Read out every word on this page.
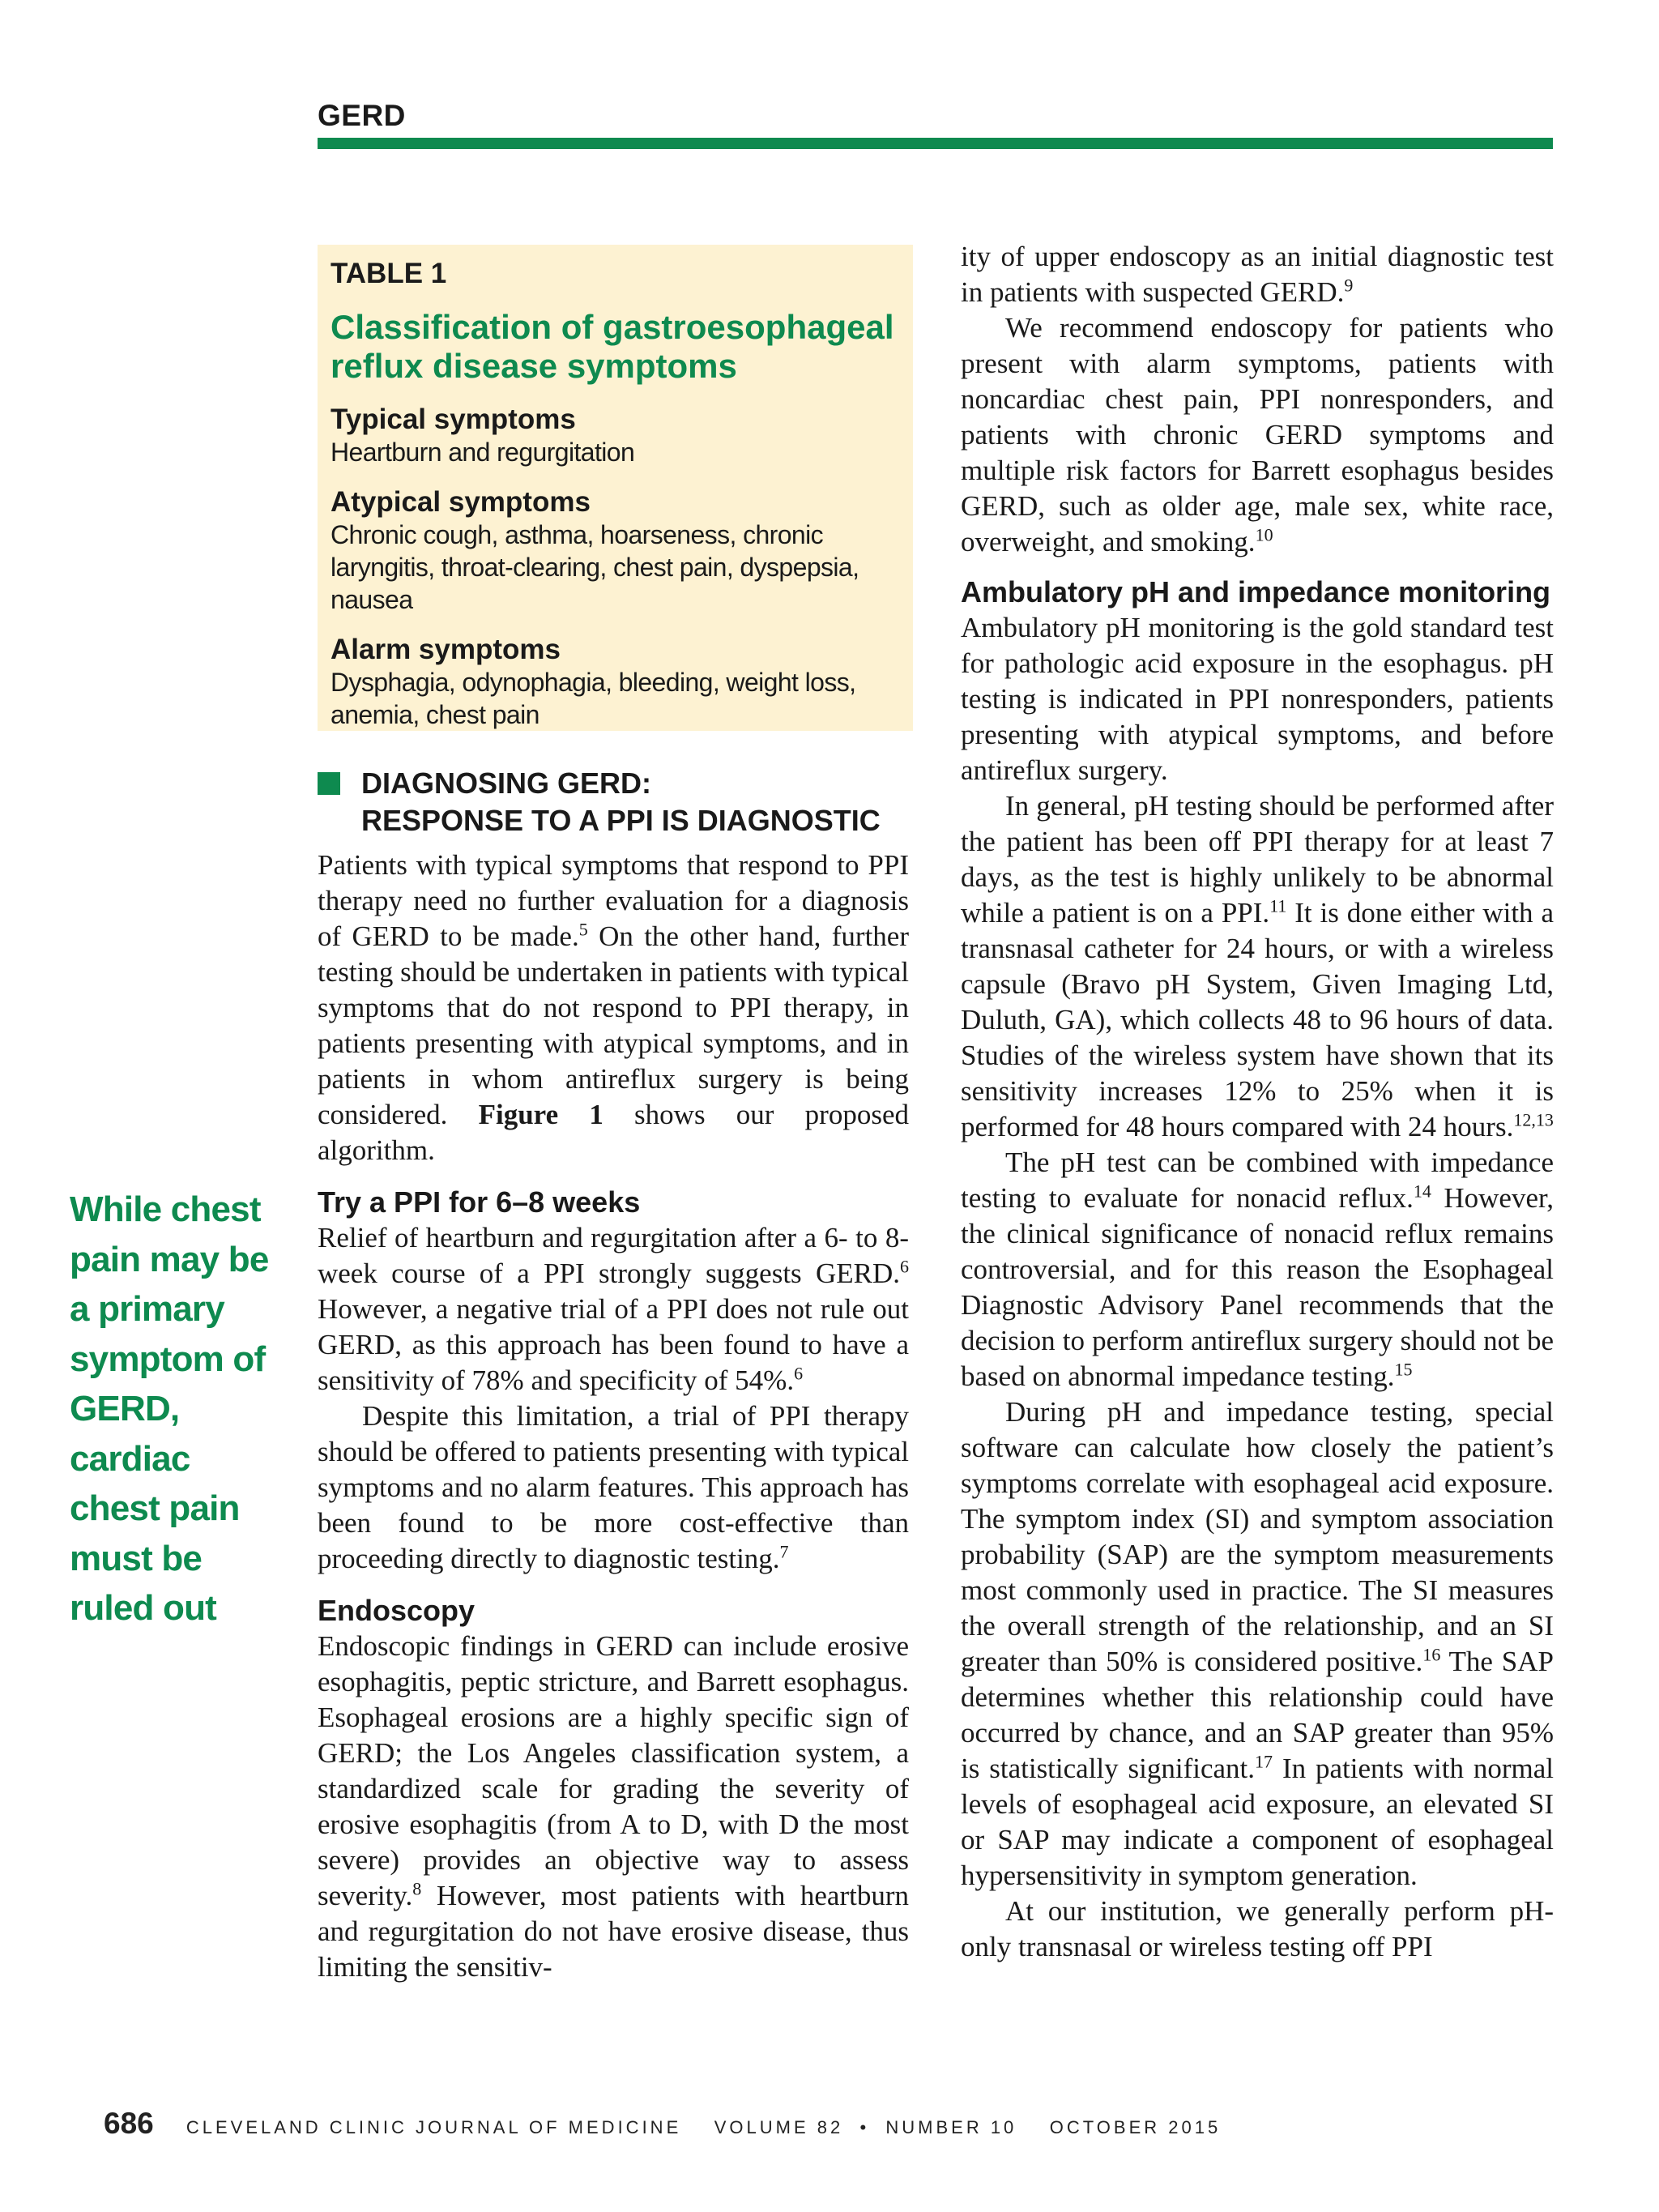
GERD
TABLE 1
Classification of gastroesophageal reflux disease symptoms
Typical symptoms
Heartburn and regurgitation
Atypical symptoms
Chronic cough, asthma, hoarseness, chronic laryngitis, throat-clearing, chest pain, dyspepsia, nausea
Alarm symptoms
Dysphagia, odynophagia, bleeding, weight loss, anemia, chest pain
While chest pain may be a primary symptom of GERD, cardiac chest pain must be ruled out
DIAGNOSING GERD:
RESPONSE TO A PPI IS DIAGNOSTIC

Patients with typical symptoms that respond to PPI therapy need no further evaluation for a diagnosis of GERD to be made.$^5$ On the other hand, further testing should be undertaken in patients with typical symptoms that do not respond to PPI therapy, in patients presenting with atypical symptoms, and in patients in whom antireflux surgery is being considered. Figure 1 shows our proposed algorithm.

Try a PPI for 6–8 weeks

Relief of heartburn and regurgitation after a 6- to 8-week course of a PPI strongly suggests GERD.$^6$ However, a negative trial of a PPI does not rule out GERD, as this approach has been found to have a sensitivity of 78% and specificity of 54%.$^6$

Despite this limitation, a trial of PPI therapy should be offered to patients presenting with typical symptoms and no alarm features. This approach has been found to be more cost-effective than proceeding directly to diagnostic testing.$^7$

Endoscopy

Endoscopic findings in GERD can include erosive esophagitis, peptic stricture, and Barrett esophagus. Esophageal erosions are a highly specific sign of GERD; the Los Angeles classification system, a standardized scale for grading the severity of erosive esophagitis (from A to D, with D the most severe) provides an objective way to assess severity.$^8$ However, most patients with heartburn and regurgitation do not have erosive disease, thus limiting the sensitiv-

ity of upper endoscopy as an initial diagnostic test in patients with suspected GERD.$^9$

We recommend endoscopy for patients who present with alarm symptoms, patients with noncardiac chest pain, PPI nonresponders, and patients with chronic GERD symptoms and multiple risk factors for Barrett esophagus besides GERD, such as older age, male sex, white race, overweight, and smoking.$^{10}$

Ambulatory pH and impedance monitoring

Ambulatory pH monitoring is the gold standard test for pathologic acid exposure in the esophagus. pH testing is indicated in PPI nonresponders, patients presenting with atypical symptoms, and before antireflux surgery.

In general, pH testing should be performed after the patient has been off PPI therapy for at least 7 days, as the test is highly unlikely to be abnormal while a patient is on a PPI.$^{11}$ It is done either with a transnasal catheter for 24 hours, or with a wireless capsule (Bravo pH System, Given Imaging Ltd, Duluth, GA), which collects 48 to 96 hours of data. Studies of the wireless system have shown that its sensitivity increases 12% to 25% when it is performed for 48 hours compared with 24 hours.$^{12,13}$

The pH test can be combined with impedance testing to evaluate for nonacid reflux.$^{14}$ However, the clinical significance of nonacid reflux remains controversial, and for this reason the Esophageal Diagnostic Advisory Panel recommends that the decision to perform antireflux surgery should not be based on abnormal impedance testing.$^{15}$

During pH and impedance testing, special software can calculate how closely the patient’s symptoms correlate with esophageal acid exposure. The symptom index (SI) and symptom association probability (SAP) are the symptom measurements most commonly used in practice. The SI measures the overall strength of the relationship, and an SI greater than 50% is considered positive.$^{16}$ The SAP determines whether this relationship could have occurred by chance, and an SAP greater than 95% is statistically significant.$^{17}$ In patients with normal levels of esophageal acid exposure, an elevated SI or SAP may indicate a component of esophageal hypersensitivity in symptom generation.

At our institution, we generally perform pH-only transnasal or wireless testing off PPI

686 CLEVELAND CLINIC JOURNAL OF MEDICINE VOLUME 82 • NUMBER 10 OCTOBER 2015
